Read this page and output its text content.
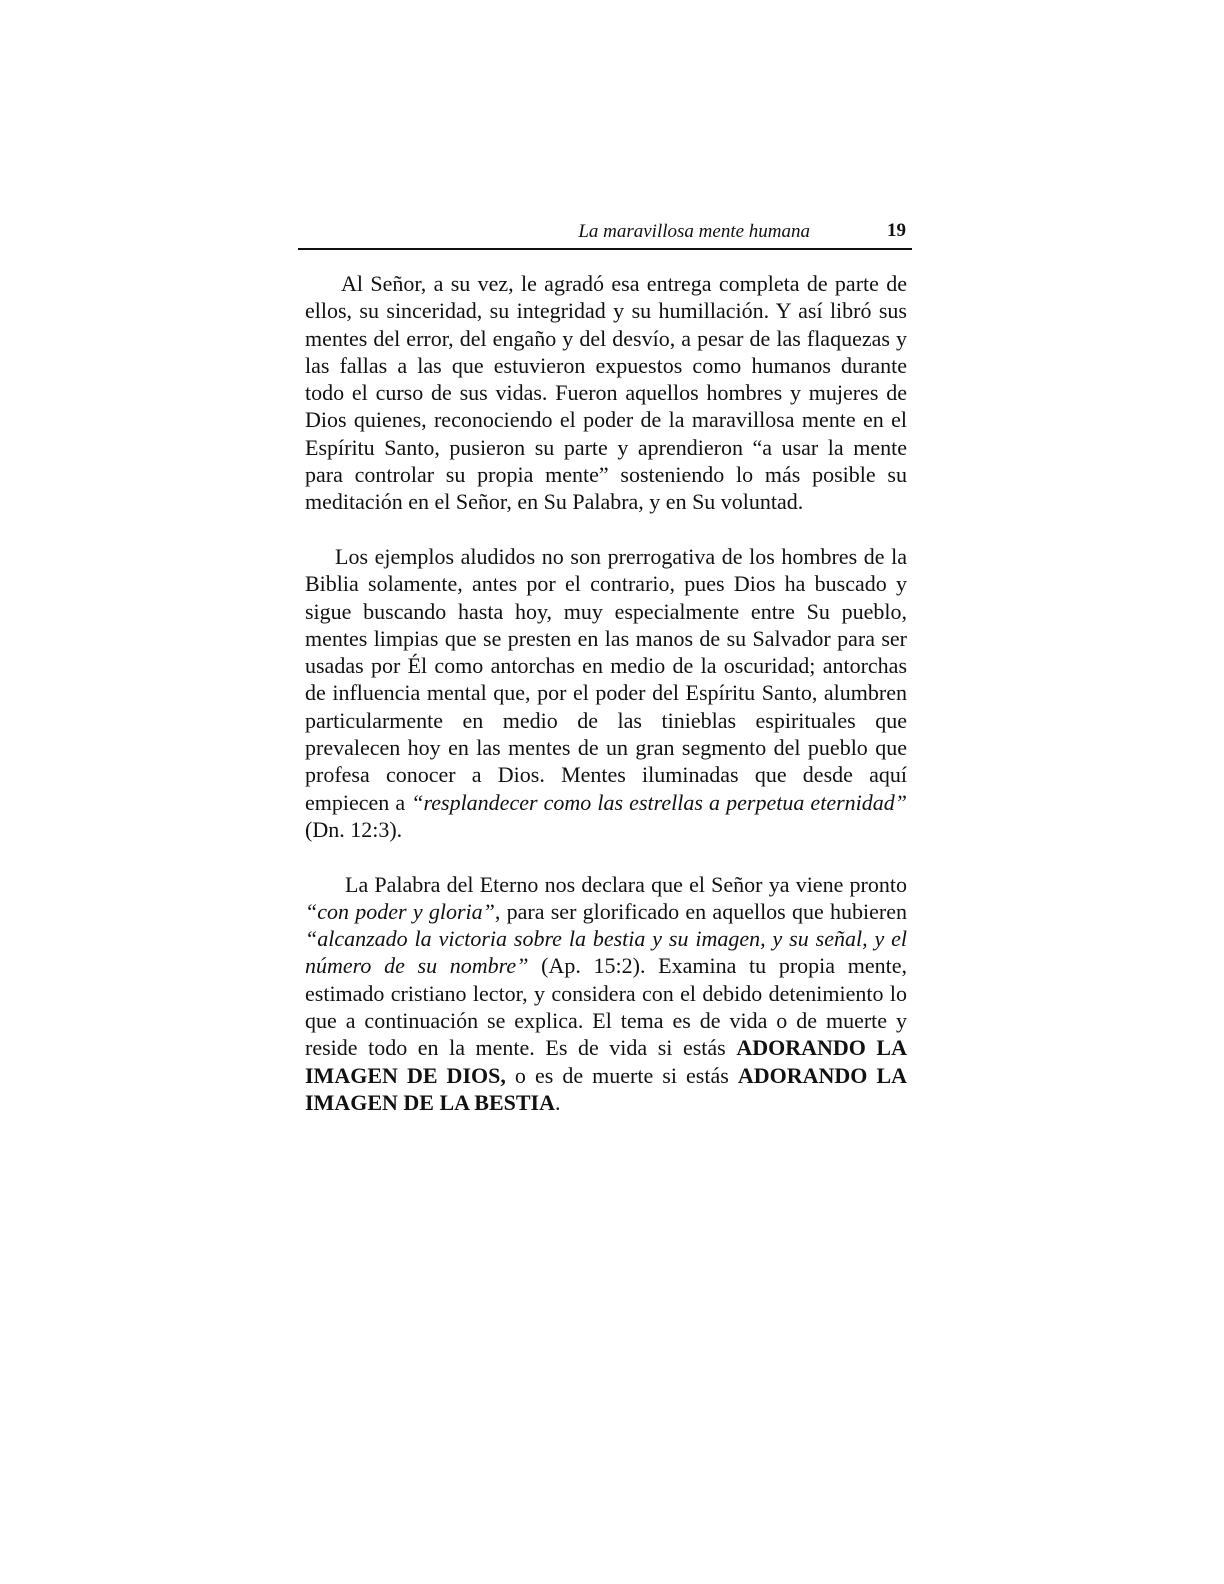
La maravillosa mente humana	19

Al Señor, a su vez, le agradó esa entrega completa de parte de ellos, su sinceridad, su integridad y su humillación. Y así libró sus mentes del error, del engaño y del desvío, a pesar de las flaquezas y las fallas a las que estuvieron expuestos como humanos durante todo el curso de sus vidas. Fueron aquellos hombres y mujeres de Dios quienes, reconociendo el poder de la maravillosa mente en el Espíritu Santo, pusieron su parte y aprendieron “a usar la mente para controlar su propia mente” sosteniendo lo más posible su meditación en el Señor, en Su Palabra, y en Su voluntad.

Los ejemplos aludidos no son prerrogativa de los hombres de la Biblia solamente, antes por el contrario, pues Dios ha buscado y sigue buscando hasta hoy, muy especialmente entre Su pueblo, mentes limpias que se presten en las manos de su Salvador para ser usadas por Él como antorchas en medio de la oscuridad; antorchas de influencia mental que, por el poder del Espíritu Santo, alumbren particularmente en medio de las tinieblas espirituales que prevalecen hoy en las mentes de un gran segmento del pueblo que profesa conocer a Dios. Mentes iluminadas que desde aquí empiecen a “resplandecer como las estrellas a perpetua eternidad” (Dn. 12:3).

La Palabra del Eterno nos declara que el Señor ya viene pronto “con poder y gloria”, para ser glorificado en aquellos que hubieren “alcanzado la victoria sobre la bestia y su imagen, y su señal, y el número de su nombre” (Ap. 15:2). Examina tu propia mente, estimado cristiano lector, y considera con el debido detenimiento lo que a continuación se explica. El tema es de vida o de muerte y reside todo en la mente. Es de vida si estás ADORANDO LA IMAGEN DE DIOS, o es de muerte si estás ADORANDO LA IMAGEN DE LA BESTIA.
